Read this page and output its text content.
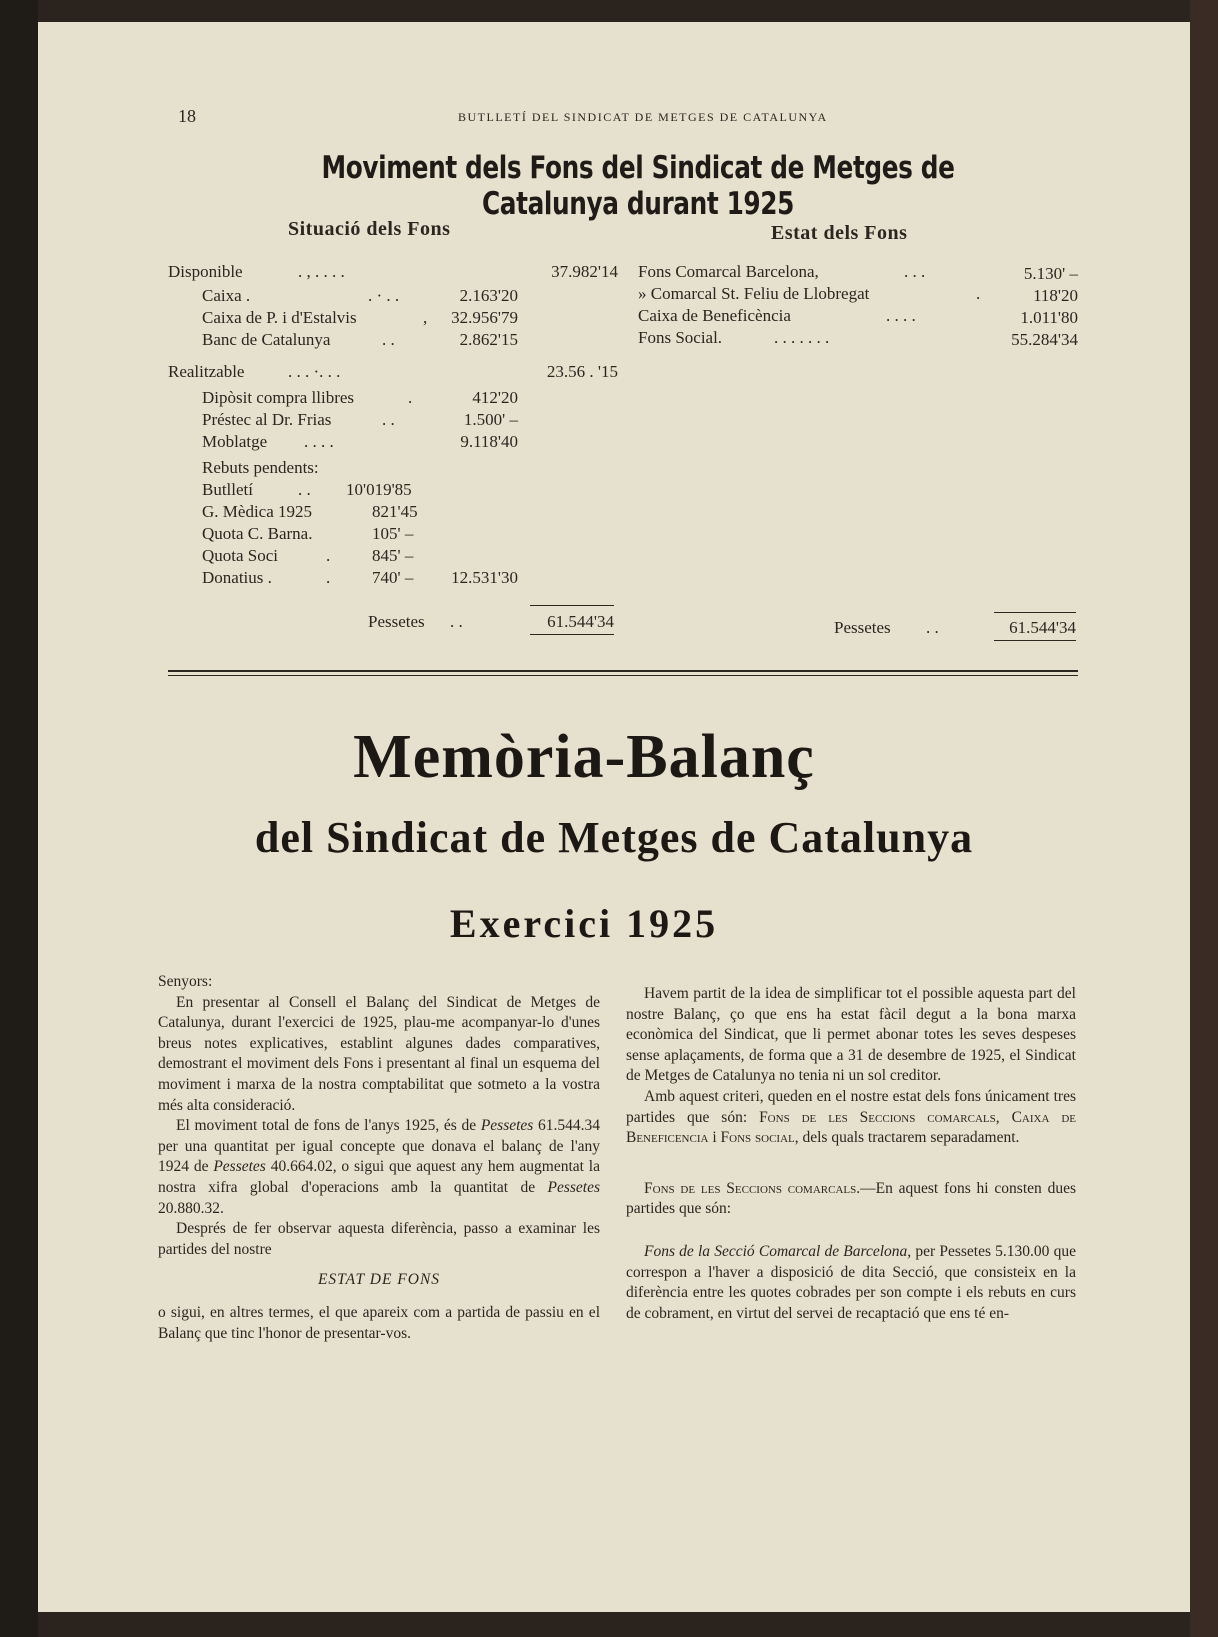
18	BUTLLETÍ DEL SINDICAT DE METGES DE CATALUNYA
Moviment dels Fons del Sindicat de Metges de Catalunya durant 1925
Situació dels Fons
Disponible	. , . . . .	37.982'14
Caixa .	. · . .	2.163'20
Caixa de P. i d'Estalvis	,	32.956'79
Banc de Catalunya	. .	2.862'15
Realitzable	. . . ·. . .	23.56 . '15
Dipòsit compra llibres	.	412'20
Préstec al Dr. Frias	. .	1.500' –
Moblatge . . . .	9.118'40
Rebuts pendents:
Butlletí	. . 10'019'85
G. Mèdica 1925	821'45
Quota C. Barna.	105' –
Quota Soci	. 845' –
Donatius .	. 740' –	12.531'30
Pessetes . .	61.544'34
Estat dels Fons
Fons Comarcal Barcelona,	. . .	5.130' –
» Comarcal St. Feliu de Llobregat	.	118'20
Caixa de Beneficència	. . . .	1.011'80
Fons Social.	. . . . . . .	55.284'34
Pessetes . .	61.544'34
Memòria-Balanç
del Sindicat de Metges de Catalunya
Exercici 1925

Senyors:

En presentar al Consell el Balanç del Sindicat de Metges de Catalunya, durant l'exercici de 1925, plau-me acompanyar-lo d'unes breus notes explicatives, establint algunes dades comparatives, demostrant el moviment dels Fons i presentant al final un esquema del moviment i marxa de la nostra comptabilitat que sotmeto a la vostra més alta consideració.

El moviment total de fons de l'anys 1925, és de Pessetes 61.544.34 per una quantitat per igual concepte que donava el balanç de l'any 1924 de Pessetes 40.664.02, o sigui que aquest any hem augmentat la nostra xifra global d'operacions amb la quantitat de Pessetes 20.880.32.

Després de fer observar aquesta diferència, passo a examinar les partides del nostre

ESTAT DE FONS

o sigui, en altres termes, el que apareix com a partida de passiu en el Balanç que tinc l'honor de presentar-vos.

Havem partit de la idea de simplificar tot el possible aquesta part del nostre Balanç, ço que ens ha estat fàcil degut a la bona marxa econòmica del Sindicat, que li permet abonar totes les seves despeses sense aplaçaments, de forma que a 31 de desembre de 1925, el Sindicat de Metges de Catalunya no tenia ni un sol creditor.

Amb aquest criteri, queden en el nostre estat dels fons únicament tres partides que són: Fons de les Seccions comarcals, Caixa de Beneficencia i Fons social, dels quals tractarem separadament.

Fons de les Seccions comarcals.—En aquest fons hi consten dues partides que són:

Fons de la Secció Comarcal de Barcelona, per Pessetes 5.130.00 que correspon a l'haver a disposició de dita Secció, que consisteix en la diferència entre les quotes cobrades per son compte i els rebuts en curs de cobrament, en virtut del servei de recaptació que ens té en-
